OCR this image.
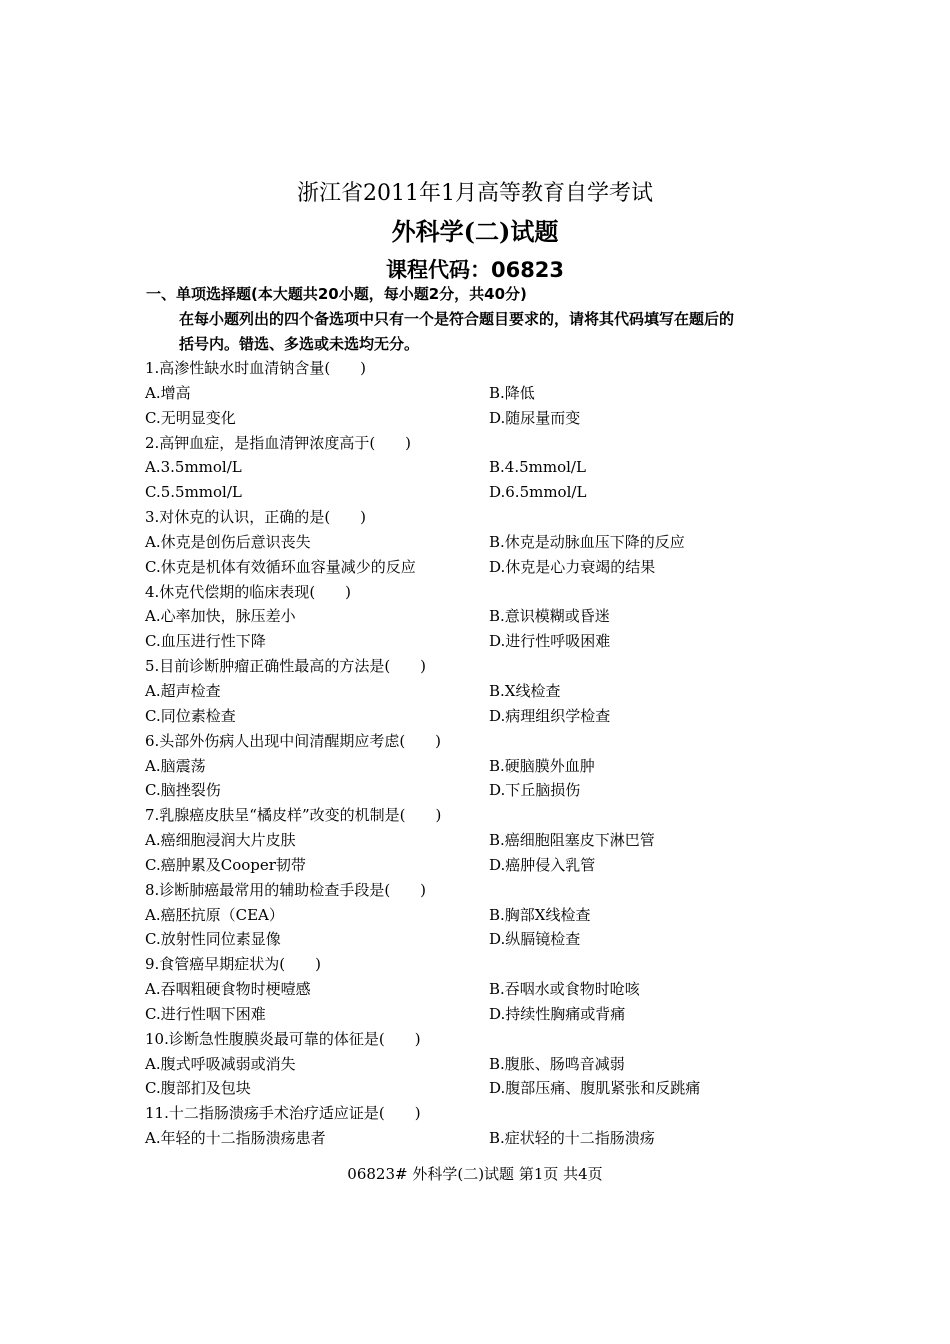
浙江省2011年1月高等教育自学考试
外科学(二)试题
课程代码：06823
一、单项选择题(本大题共20小题，每小题2分，共40分)
在每小题列出的四个备选项中只有一个是符合题目要求的，请将其代码填写在题后的
括号内。错选、多选或未选均无分。
1.高渗性缺水时血清钠含量(　　)
A.增高	B.降低
C.无明显变化	D.随尿量而变
2.高钾血症，是指血清钾浓度高于(　　)
A.3.5mmol/L	B.4.5mmol/L
C.5.5mmol/L	D.6.5mmol/L
3.对休克的认识，正确的是(　　)
A.休克是创伤后意识丧失	B.休克是动脉血压下降的反应
C.休克是机体有效循环血容量减少的反应	D.休克是心力衰竭的结果
4.休克代偿期的临床表现(　　)
A.心率加快，脉压差小	B.意识模糊或昏迷
C.血压进行性下降	D.进行性呼吸困难
5.目前诊断肿瘤正确性最高的方法是(　　)
A.超声检查	B.X线检查
C.同位素检查	D.病理组织学检查
6.头部外伤病人出现中间清醒期应考虑(　　)
A.脑震荡	B.硬脑膜外血肿
C.脑挫裂伤	D.下丘脑损伤
7.乳腺癌皮肤呈“橘皮样”改变的机制是(　　)
A.癌细胞浸润大片皮肤	B.癌细胞阻塞皮下淋巴管
C.癌肿累及Cooper韧带	D.癌肿侵入乳管
8.诊断肺癌最常用的辅助检查手段是(　　)
A.癌胚抗原（CEA）	B.胸部X线检查
C.放射性同位素显像	D.纵膈镜检查
9.食管癌早期症状为(　　)
A.吞咽粗硬食物时梗噎感	B.吞咽水或食物时呛咳
C.进行性咽下困难	D.持续性胸痛或背痛
10.诊断急性腹膜炎最可靠的体征是(　　)
A.腹式呼吸减弱或消失	B.腹胀、肠鸣音减弱
C.腹部扪及包块	D.腹部压痛、腹肌紧张和反跳痛
11.十二指肠溃疡手术治疗适应证是(　　)
A.年轻的十二指肠溃疡患者	B.症状轻的十二指肠溃疡
06823# 外科学(二)试题 第1页 共4页
